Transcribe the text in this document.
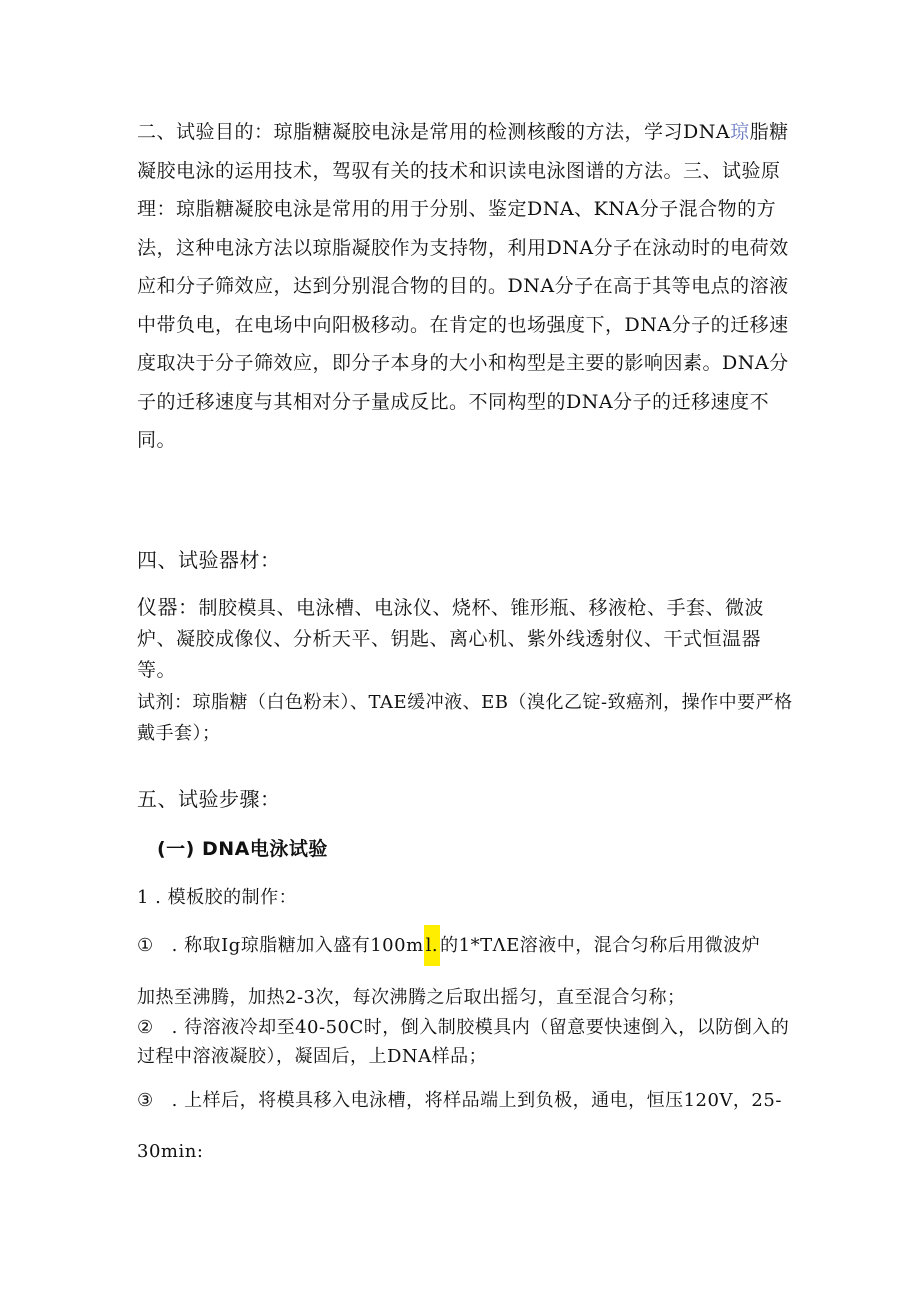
二、试验目的：琼脂糖凝胶电泳是常用的检测核酸的方法，学习DNA琼脂糖凝胶电泳的运用技术，驾驭有关的技术和识读电泳图谱的方法。三、试验原理：琼脂糖凝胶电泳是常用的用于分别、鉴定DNA、KNA分子混合物的方法，这种电泳方法以琼脂凝胶作为支持物，利用DNA分子在泳动时的电荷效应和分子筛效应，达到分别混合物的目的。DNA分子在高于其等电点的溶液中带负电，在电场中向阳极移动。在肯定的也场强度下，DNA分子的迁移速度取决于分子筛效应，即分子本身的大小和构型是主要的影响因素。DNA分子的迁移速度与其相对分子量成反比。不同构型的DNA分子的迁移速度不同。

四、试验器材：

仪器：制胶模具、电泳槽、电泳仪、烧杯、锥形瓶、移液枪、手套、微波炉、凝胶成像仪、分析天平、钥匙、离心机、紫外线透射仪、干式恒温器等。

试剂：琼脂糖（白色粉末）、TAE缓冲液、EB（溴化乙锭-致癌剂，操作中要严格戴手套）；

五、试验步骤：

(一) DNA电泳试验

1 . 模板胶的制作：

① . 称取Ig琼脂糖加入盛有100m l. 的1*TΛE溶液中，混合匀称后用微波炉

加热至沸腾，加热2-3次，每次沸腾之后取出摇匀，直至混合匀称；

② . 待溶液冷却至40-50C时，倒入制胶模具内（留意要快速倒入，以防倒入的过程中溶液凝胶），凝固后，上DNA样品；

③ . 上样后，将模具移入电泳槽，将样品端上到负极，通电，恒压120V，25-

30min:
